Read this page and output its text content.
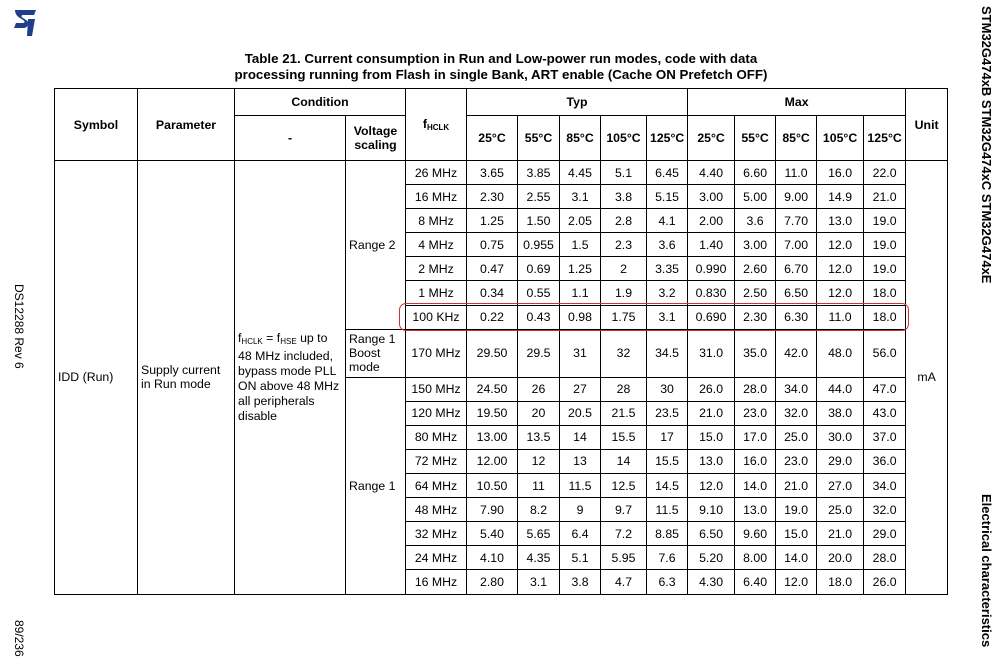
DS12288 Rev 6
89/236
STM32G474xB STM32G474xC STM32G474xE
Electrical characteristics
Table 21. Current consumption in Run and Low-power run modes, code with data
processing running from Flash in single Bank, ART enable (Cache ON Prefetch OFF)
Symbol	Parameter	Condition		$f_{HCLK}$	Typ					Max					Unit
		-	Voltage scaling		25°C	55°C	85°C	105°C	125°C	25°C	55°C	85°C	105°C	125°C	
IDD (Run)	Supply current in Run mode	$f_{HCLK} = f_{HSE}$ up to 48 MHz included, bypass mode PLL ON above 48 MHz all peripherals disable	Range 2	26 MHz	3.65	3.85	4.45	5.1	6.45	4.40	6.60	11.0	16.0	22.0	mA
				16 MHz	2.30	2.55	3.1	3.8	5.15	3.00	5.00	9.00	14.9	21.0	
				8 MHz	1.25	1.50	2.05	2.8	4.1	2.00	3.6	7.70	13.0	19.0	
				4 MHz	0.75	0.955	1.5	2.3	3.6	1.40	3.00	7.00	12.0	19.0	
				2 MHz	0.47	0.69	1.25	2	3.35	0.990	2.60	6.70	12.0	19.0	
				1 MHz	0.34	0.55	1.1	1.9	3.2	0.830	2.50	6.50	12.0	18.0	
				100 KHz	0.22	0.43	0.98	1.75	3.1	0.690	2.30	6.30	11.0	18.0	
			Range 1 Boost mode	170 MHz	29.50	29.5	31	32	34.5	31.0	35.0	42.0	48.0	56.0	
			Range 1	150 MHz	24.50	26	27	28	30	26.0	28.0	34.0	44.0	47.0	
				120 MHz	19.50	20	20.5	21.5	23.5	21.0	23.0	32.0	38.0	43.0	
				80 MHz	13.00	13.5	14	15.5	17	15.0	17.0	25.0	30.0	37.0	
				72 MHz	12.00	12	13	14	15.5	13.0	16.0	23.0	29.0	36.0	
				64 MHz	10.50	11	11.5	12.5	14.5	12.0	14.0	21.0	27.0	34.0	
				48 MHz	7.90	8.2	9	9.7	11.5	9.10	13.0	19.0	25.0	32.0	
				32 MHz	5.40	5.65	6.4	7.2	8.85	6.50	9.60	15.0	21.0	29.0	
				24 MHz	4.10	4.35	5.1	5.95	7.6	5.20	8.00	14.0	20.0	28.0	
				16 MHz	2.80	3.1	3.8	4.7	6.3	4.30	6.40	12.0	18.0	26.0	
